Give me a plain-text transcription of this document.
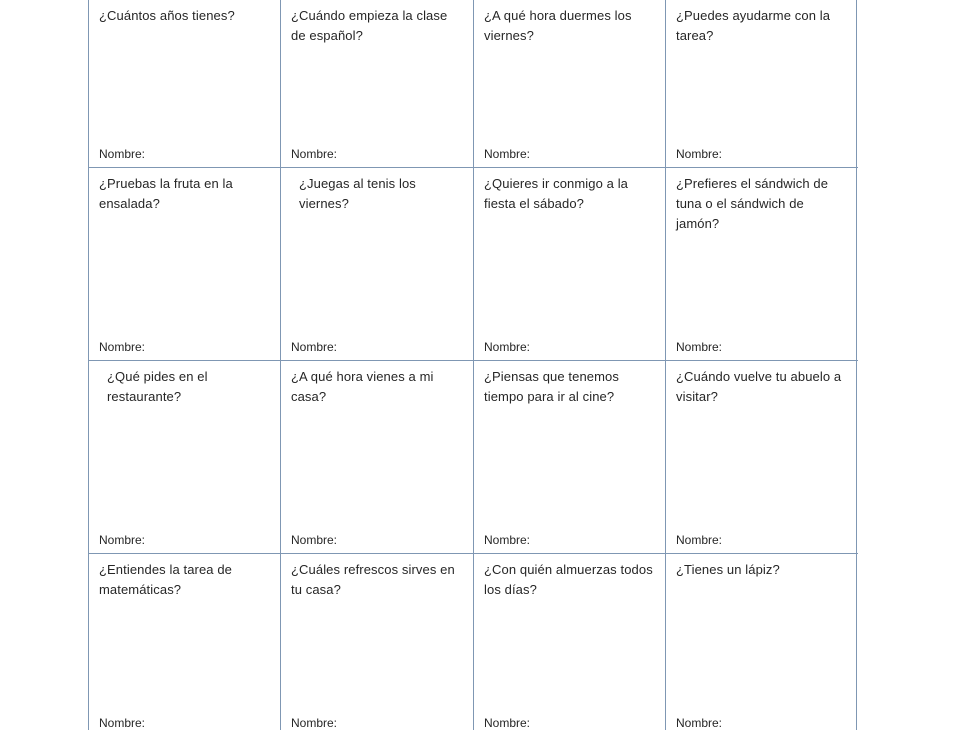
¿Cuántos años tienes?
Nombre:
¿Cuándo empieza la clase de español?
Nombre:
¿A qué hora duermes los viernes?
Nombre:
¿Puedes ayudarme con la tarea?
Nombre:
¿Pruebas la fruta en la ensalada?
Nombre:
¿Juegas al tenis los viernes?
Nombre:
¿Quieres ir conmigo a la fiesta el sábado?
Nombre:
¿Prefieres el sándwich de tuna o el sándwich de jamón?
Nombre:
¿Qué pides en el restaurante?
Nombre:
¿A qué hora vienes a mi casa?
Nombre:
¿Piensas que tenemos tiempo para ir al cine?
Nombre:
¿Cuándo vuelve tu abuelo a visitar?
Nombre:
¿Entiendes la tarea de matemáticas?
Nombre:
¿Cuáles refrescos sirves en tu casa?
Nombre:
¿Con quién almuerzas todos los días?
Nombre:
¿Tienes un lápiz?
Nombre:
